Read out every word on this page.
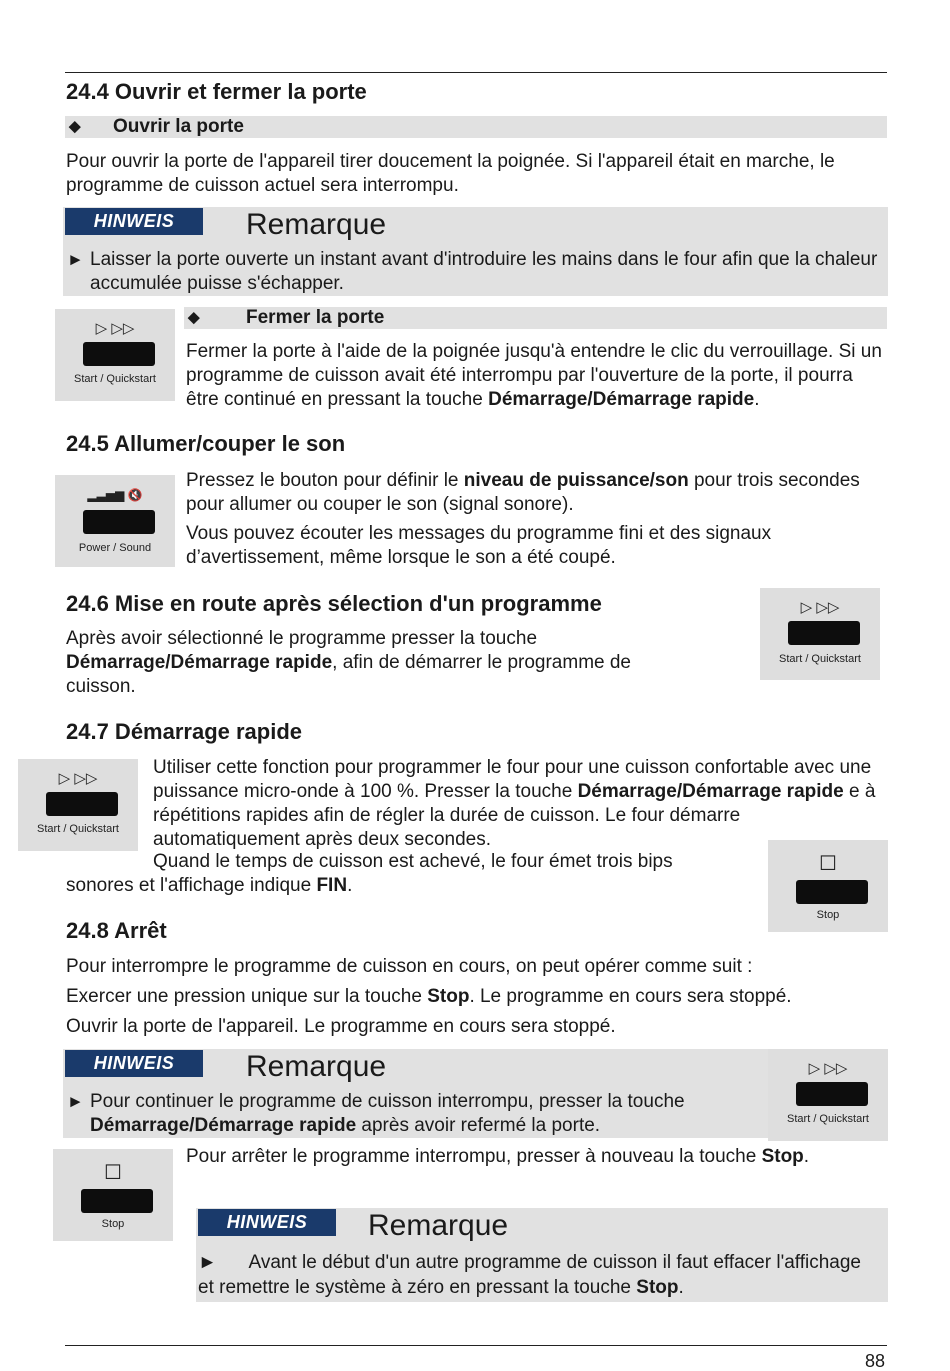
24.4 Ouvrir et fermer la porte
◆ Ouvrir la porte

Pour ouvrir la porte de l'appareil tirer doucement la poignée. Si l'appareil était en marche, le programme de cuisson actuel sera interrompu.

HINWEIS	Remarque
► Laisser la porte ouverte un instant avant d'introduire les mains dans le four afin que la chaleur accumulée puisse s'échapper.

▷ ▷▷
Start / Quickstart
◆ Fermer la porte

Fermer la porte à l'aide de la poignée jusqu'à entendre le clic du verrouillage. Si un programme de cuisson avait été interrompu par l'ouverture de la porte, il pourra être continué en pressant la touche Démarrage/Démarrage rapide.

24.5 Allumer/couper le son
▂▃▅▆ 🔇
Power / Sound

Pressez le bouton pour définir le niveau de puissance/son pour trois secondes pour allumer ou couper le son (signal sonore).

Vous pouvez écouter les messages du programme fini et des signaux d’avertissement, même lorsque le son a été coupé.

24.6 Mise en route après sélection d'un programme	▷ ▷▷
Start / Quickstart

Après avoir sélectionné le programme presser la touche Démarrage/Démarrage rapide, afin de démarrer le programme de cuisson.

24.7 Démarrage rapide
▷ ▷▷
Start / Quickstart

Utiliser cette fonction pour programmer le four pour une cuisson confortable avec une puissance micro-onde à 100 %. Presser la touche Démarrage/Démarrage rapide e à répétitions rapides afin de régler la durée de cuisson. Le four démarre automatiquement après deux secondes.

Quand le temps de cuisson est achevé, le four émet trois bips

sonores et l'affichage indique FIN.

☐
Stop
24.8 Arrêt

Pour interrompre le programme de cuisson en cours, on peut opérer comme suit :

Exercer une pression unique sur la touche Stop. Le programme en cours sera stoppé.

Ouvrir la porte de l'appareil. Le programme en cours sera stoppé.

HINWEIS	Remarque
► Pour continuer le programme de cuisson interrompu, presser la touche Démarrage/Démarrage rapide après avoir refermé la porte.

▷ ▷▷
Start / Quickstart
☐
Stop

Pour arrêter le programme interrompu, presser à nouveau la touche Stop.

HINWEIS	Remarque

► Avant le début d'un autre programme de cuisson il faut effacer l'affichage et remettre le système à zéro en pressant la touche Stop.

88
